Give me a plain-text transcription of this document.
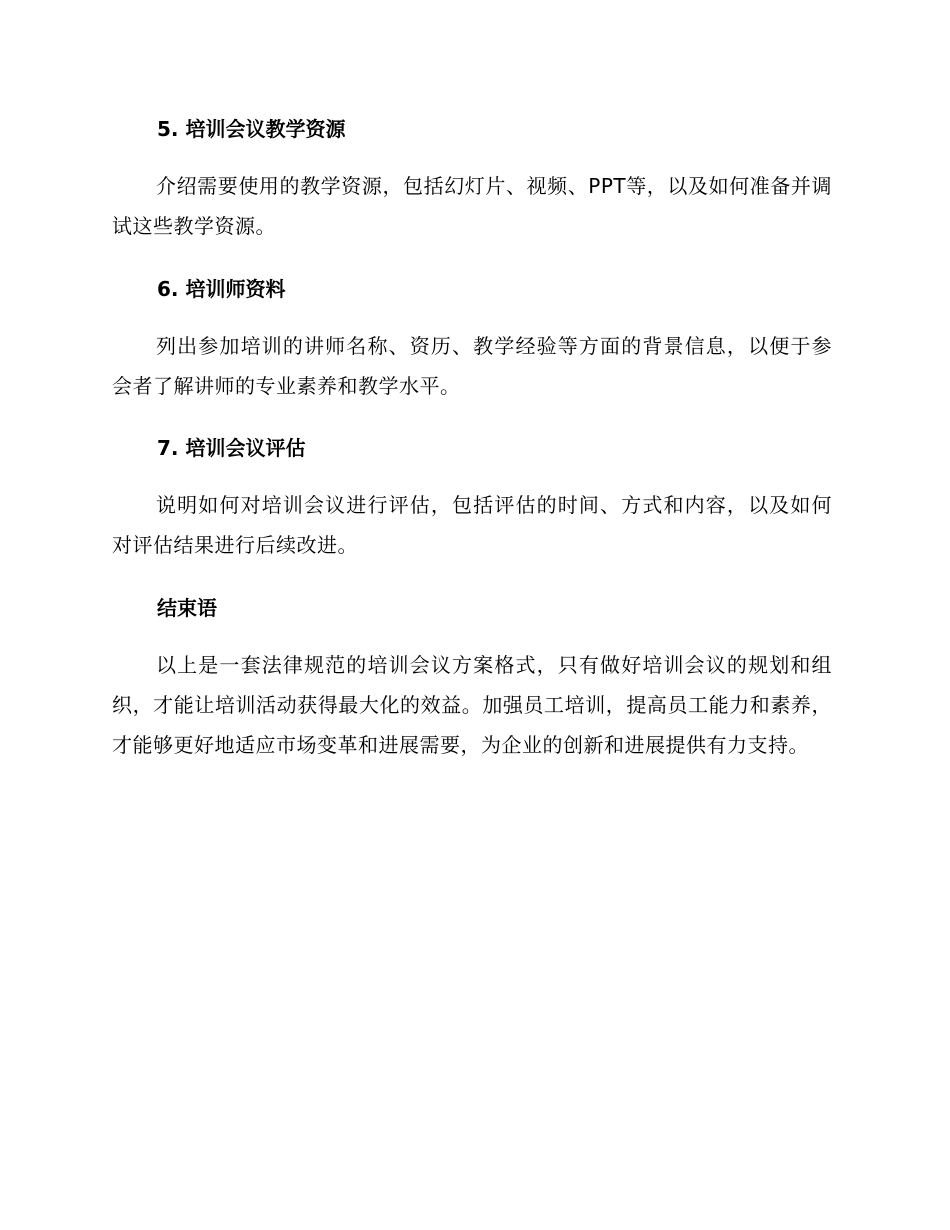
5. 培训会议教学资源
介绍需要使用的教学资源，包括幻灯片、视频、PPT等，以及如何准备并调试这些教学资源。
6. 培训师资料
列出参加培训的讲师名称、资历、教学经验等方面的背景信息，以便于参会者了解讲师的专业素养和教学水平。
7. 培训会议评估
说明如何对培训会议进行评估，包括评估的时间、方式和内容，以及如何对评估结果进行后续改进。
结束语
以上是一套法律规范的培训会议方案格式，只有做好培训会议的规划和组织，才能让培训活动获得最大化的效益。加强员工培训，提高员工能力和素养，才能够更好地适应市场变革和进展需要，为企业的创新和进展提供有力支持。
